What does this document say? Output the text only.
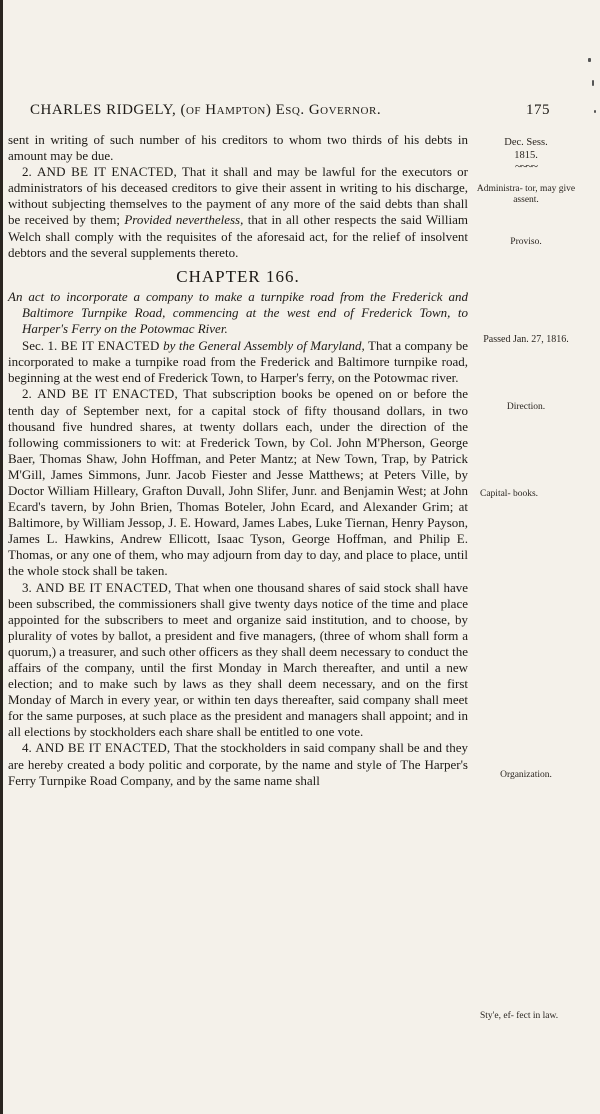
CHARLES RIDGELY, (of Hampton) Esq. Governor.	175

sent in writing of such number of his creditors to whom two thirds of his debts in amount may be due.

2. AND BE IT ENACTED, That it shall and may be lawful for the executors or administrators of his deceased creditors to give their assent in writing to his discharge, without subjecting themselves to the payment of any more of the said debts than shall be received by them; Provided nevertheless, that in all other respects the said William Welch shall comply with the requisites of the aforesaid act, for the relief of insolvent debtors and the several supplements thereto.

CHAPTER 166.

An act to incorporate a company to make a turnpike road from the Frederick and Baltimore Turnpike Road, commencing at the west end of Frederick Town, to Harper's Ferry on the Potowmac River.

Sec. 1. BE IT ENACTED by the General Assembly of Maryland, That a company be incorporated to make a turnpike road from the Frederick and Baltimore turnpike road, beginning at the west end of Frederick Town, to Harper's ferry, on the Potowmac river.

2. AND BE IT ENACTED, That subscription books be opened on or before the tenth day of September next, for a capital stock of fifty thousand dollars, in two thousand five hundred shares, at twenty dollars each, under the direction of the following commissioners to wit: at Frederick Town, by Col. John M'Pherson, George Baer, Thomas Shaw, John Hoffman, and Peter Mantz; at New Town, Trap, by Patrick M'Gill, James Simmons, Junr. Jacob Fiester and Jesse Matthews; at Peters Ville, by Doctor William Hilleary, Grafton Duvall, John Slifer, Junr. and Benjamin West; at John Ecard's tavern, by John Brien, Thomas Boteler, John Ecard, and Alexander Grim; at Baltimore, by William Jessop, J. E. Howard, James Labes, Luke Tiernan, Henry Payson, James L. Hawkins, Andrew Ellicott, Isaac Tyson, George Hoffman, and Philip E. Thomas, or any one of them, who may adjourn from day to day, and place to place, until the whole stock shall be taken.

3. AND BE IT ENACTED, That when one thousand shares of said stock shall have been subscribed, the commissioners shall give twenty days notice of the time and place appointed for the subscribers to meet and organize said institution, and to choose, by plurality of votes by ballot, a president and five managers, (three of whom shall form a quorum,) a treasurer, and such other officers as they shall deem necessary to conduct the affairs of the company, until the first Monday in March thereafter, and until a new election; and to make such by laws as they shall deem necessary, and on the first Monday of March in every year, or within ten days thereafter, said company shall meet for the same purposes, at such place as the president and managers shall appoint; and in all elections by stockholders each share shall be entitled to one vote.

4. AND BE IT ENACTED, That the stockholders in said company shall be and they are hereby created a body politic and corporate, by the name and style of The Harper's Ferry Turnpike Road Company, and by the same name shall

Dec. Sess.
1815.
~~~~
Administra- tor, may give assent.
Proviso.
Passed Jan. 27, 1816.
Direction.
Capital- books.
Organization.
Sty'e, ef- fect in law.
